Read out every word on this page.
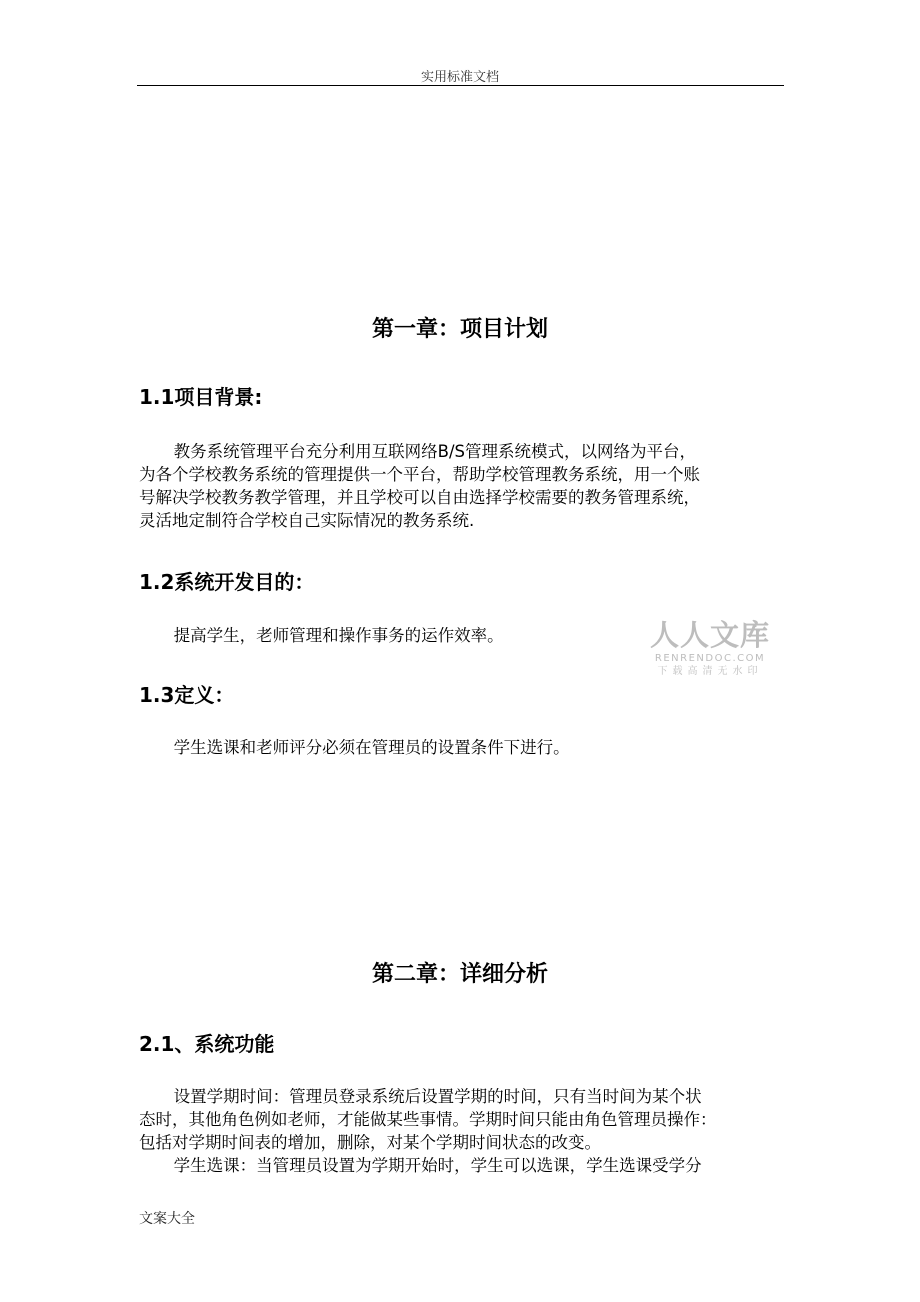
实用标准文档
第一章：项目计划
1.1项目背景:
教务系统管理平台充分利用互联网络B/S管理系统模式，以网络为平台，
为各个学校教务系统的管理提供一个平台，帮助学校管理教务系统，用一个账
号解决学校教务教学管理，并且学校可以自由选择学校需要的教务管理系统，
灵活地定制符合学校自己实际情况的教务系统.
1.2系统开发目的：
提高学生，老师管理和操作事务的运作效率。
1.3定义：
学生选课和老师评分必须在管理员的设置条件下进行。
第二章：详细分析
2.1、系统功能
设置学期时间：管理员登录系统后设置学期的时间，只有当时间为某个状
态时，其他角色例如老师，才能做某些事情。学期时间只能由角色管理员操作：
包括对学期时间表的增加，删除，对某个学期时间状态的改变。
学生选课：当管理员设置为学期开始时，学生可以选课，学生选课受学分
人人文库
RENRENDOC.COM
下载高清无水印
文案大全
